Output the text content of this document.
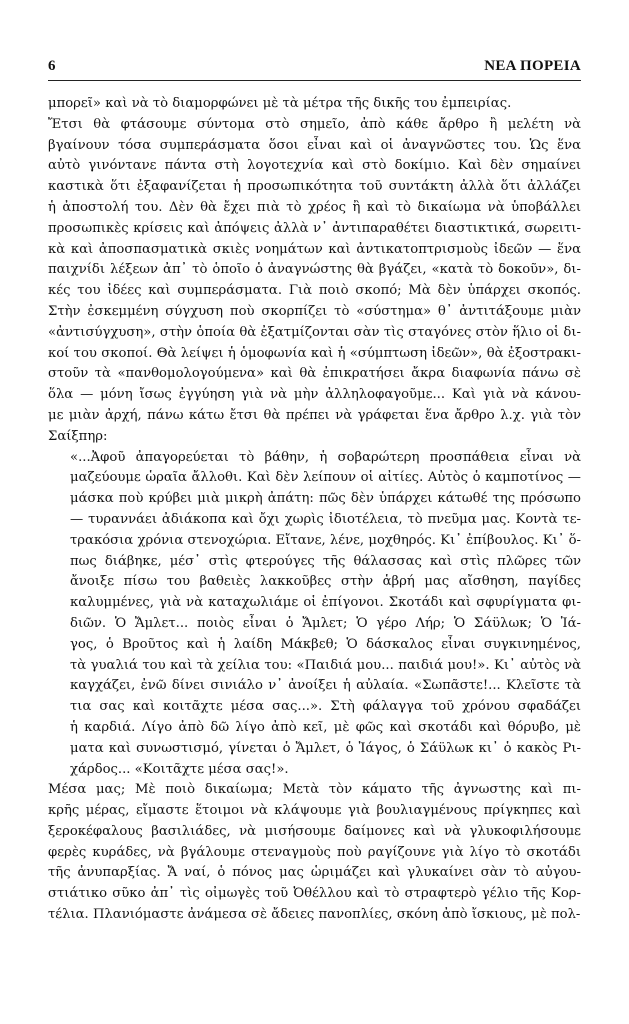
6	ΝΕΑ ΠΟΡΕΙΑ
μπορεῖ» καὶ νὰ τὸ διαμορφώνει μὲ τὰ μέτρα τῆς δικῆς του ἐμπειρίας.
Ἔτσι θὰ φτάσουμε σύντομα στὸ σημεῖο, ἀπὸ κάθε ἄρθρο ἢ μελέτη νὰ
βγαίνουν τόσα συμπεράσματα ὅσοι εἶναι καὶ οἱ ἀναγνῶστες του. Ὡς ἕνα
αὐτὸ γινόντανε πάντα στὴ λογοτεχνία καὶ στὸ δοκίμιο. Καὶ δὲν σημαίνει
καστικὰ ὅτι ἐξαφανίζεται ἡ προσωπικότητα τοῦ συντάκτη ἀλλὰ ὅτι ἀλλάζει
ἡ ἀποστολή του. Δὲν θὰ ἔχει πιὰ τὸ χρέος ἢ καὶ τὸ δικαίωμα νὰ ὑποβάλλει
προσωπικὲς κρίσεις καὶ ἀπόψεις ἀλλὰ ν᾽ ἀντιπαραθέτει διαστικτικά, σωρειτι-
κὰ καὶ ἀποσπασματικὰ σκιὲς νοημάτων καὶ ἀντικατοπτρισμοὺς ἰδεῶν — ἕνα
παιχνίδι λέξεων ἀπ᾽ τὸ ὁποῖο ὁ ἀναγνώστης θὰ βγάζει, «κατὰ τὸ δοκοῦν», δι-
κές του ἰδέες καὶ συμπεράσματα. Γιὰ ποιὸ σκοπό; Μὰ δὲν ὑπάρχει σκοπός.
Στὴν ἐσκεμμένη σύγχυση ποὺ σκορπίζει τὸ «σύστημα» θ᾽ ἀντιτάξουμε μιὰν
«ἀντισύγχυση», στὴν ὁποία θὰ ἐξατμίζονται σὰν τὶς σταγόνες στὸν ἥλιο οἱ δι-
κοί του σκοποί. Θὰ λείψει ἡ ὁμοφωνία καὶ ἡ «σύμπτωση ἰδεῶν», θὰ ἐξοστρακι-
στοῦν τὰ «πανθομολογούμενα» καὶ θὰ ἐπικρατήσει ἄκρα διαφωνία πάνω σὲ
ὅλα — μόνη ἴσως ἐγγύηση γιὰ νὰ μὴν ἀλληλοφαγοῦμε... Καὶ γιὰ νὰ κάνου-
με μιὰν ἀρχή, πάνω κάτω ἔτσι θὰ πρέπει νὰ γράφεται ἕνα ἄρθρο λ.χ. γιὰ τὸν
Σαίξπηρ:
«...Ἀφοῦ ἀπαγορεύεται τὸ βάθην, ἡ σοβαρώτερη προσπάθεια εἶναι νὰ
μαζεύουμε ὡραῖα ἄλλοθι. Καὶ δὲν λείπουν οἱ αἰτίες. Αὐτὸς ὁ καμποτίνος —
μάσκα ποὺ κρύβει μιὰ μικρὴ ἀπάτη: πῶς δὲν ὑπάρχει κάτωθέ της πρόσωπο
— τυραννάει ἀδιάκοπα καὶ ὄχι χωρὶς ἰδιοτέλεια, τὸ πνεῦμα μας. Κοντὰ τε-
τρακόσια χρόνια στενοχώρια. Εἴτανε, λένε, μοχθηρός. Κι᾽ ἐπίβουλος. Κι᾽ ὅ-
πως διάβηκε, μέσ᾽ στὶς φτερούγες τῆς θάλασσας καὶ στὶς πλῶρες τῶν
ἄνοιξε πίσω του βαθειὲς λακκοῦβες στὴν ἁβρή μας αἴσθηση, παγίδες
καλυμμένες, γιὰ νὰ καταχωλιάμε οἱ ἐπίγονοι. Σκοτάδι καὶ σφυρίγματα φι-
διῶν. Ὁ Ἄμλετ... ποιὸς εἶναι ὁ Ἄμλετ; Ὁ γέρο Λήρ; Ὁ Σάϋλωκ; Ὁ Ἰά-
γος, ὁ Βροῦτος καὶ ἡ λαίδη Μάκβεθ; Ὁ δάσκαλος εἶναι συγκινημένος,
τὰ γυαλιά του καὶ τὰ χείλια του: «Παιδιά μου... παιδιά μου!». Κι᾽ αὐτὸς νὰ
καγχάζει, ἐνῶ δίνει σινιάλο ν᾽ ἀνοίξει ἡ αὐλαία. «Σωπᾶστε!... Κλεῖστε τὰ
τια σας καὶ κοιτᾶχτε μέσα σας...». Στὴ φάλαγγα τοῦ χρόνου σφαδάζει
ἡ καρδιά. Λίγο ἀπὸ δῶ λίγο ἀπὸ κεῖ, μὲ φῶς καὶ σκοτάδι καὶ θόρυβο, μὲ
ματα καὶ συνωστισμό, γίνεται ὁ Ἄμλετ, ὁ Ἰάγος, ὁ Σάϋλωκ κι᾽ ὁ κακὸς Ρι-
χάρδος... «Κοιτᾶχτε μέσα σας!».
Μέσα μας; Μὲ ποιὸ δικαίωμα; Μετὰ τὸν κάματο τῆς ἀγνωστης καὶ πι-
κρῆς μέρας, εἴμαστε ἕτοιμοι νὰ κλάψουμε γιὰ βουλιαγμένους πρίγκηπες καὶ
ξεροκέφαλους βασιλιάδες, νὰ μισήσουμε δαίμονες καὶ νὰ γλυκοφιλήσουμε
φερὲς κυράδες, νὰ βγάλουμε στεναγμοὺς ποὺ ραγίζουνε γιὰ λίγο τὸ σκοτάδι
τῆς ἀνυπαρξίας. Ἄ ναί, ὁ πόνος μας ὡριμάζει καὶ γλυκαίνει σὰν τὸ αὐγου-
στιάτικο σῦκο ἀπ᾽ τὶς οἰμωγὲς τοῦ Ὀθέλλου καὶ τὸ στραφτερὸ γέλιο τῆς Κορ-
τέλια. Πλανιόμαστε ἀνάμεσα σὲ ἄδειες πανοπλίες, σκόνη ἀπὸ ἴσκιους, μὲ πολ-
